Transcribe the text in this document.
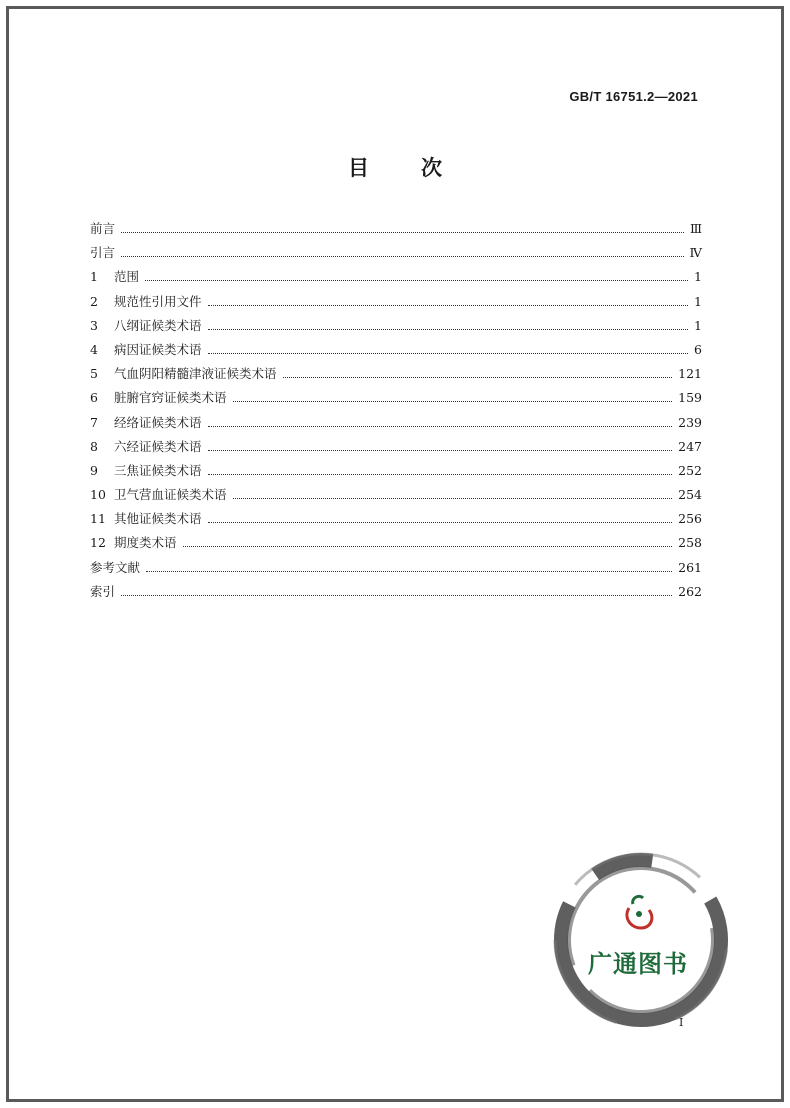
GB/T 16751.2—2021
目 次
前言	Ⅲ
引言	Ⅳ
1	范围	1
2	规范性引用文件	1
3	八纲证候类术语	1
4	病因证候类术语	6
5	气血阴阳精髓津液证候类术语	121
6	脏腑官窍证候类术语	159
7	经络证候类术语	239
8	六经证候类术语	247
9	三焦证候类术语	252
10 卫气营血证候类术语	254
11 其他证候类术语	256
12 期度类术语	258
参考文献	261
索引	262
广通图书
I
